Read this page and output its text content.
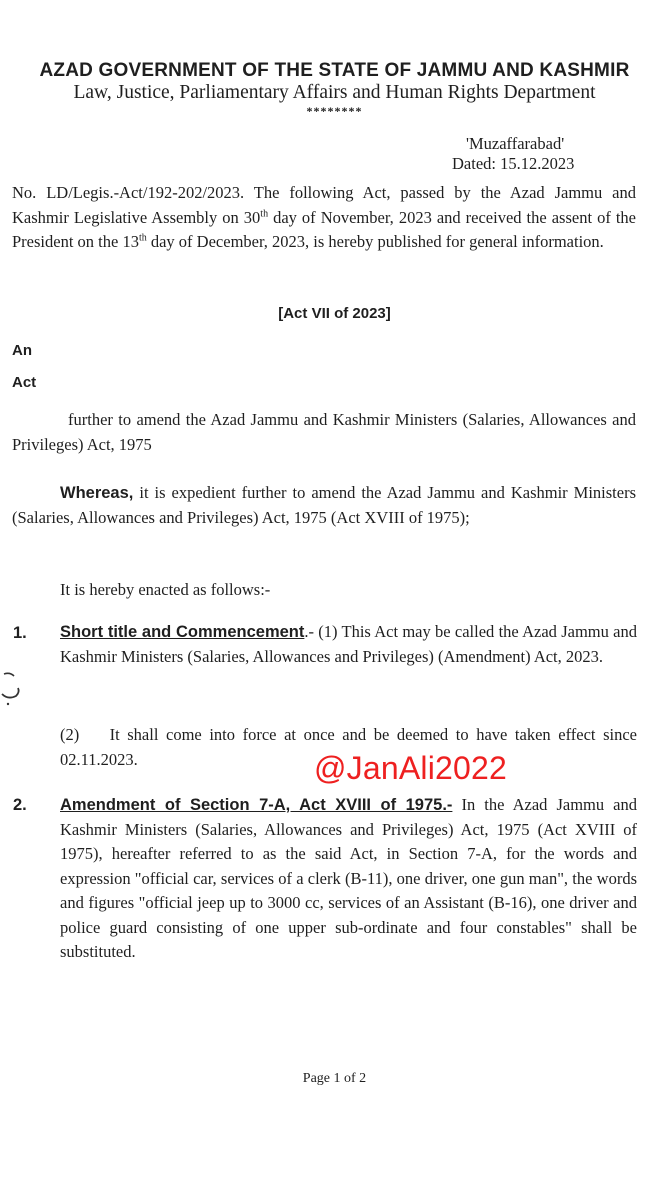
AZAD GOVERNMENT OF THE STATE OF JAMMU AND KASHMIR
Law, Justice, Parliamentary Affairs and Human Rights Department
********
'Muzaffarabad'
Dated: 15.12.2023
No. LD/Legis.-Act/192-202/2023. The following Act, passed by the Azad Jammu and Kashmir Legislative Assembly on 30th day of November, 2023 and received the assent of the President on the 13th day of December, 2023, is hereby published for general information.
[Act VII of 2023]
An
Act
further to amend the Azad Jammu and Kashmir Ministers (Salaries, Allowances and Privileges) Act, 1975
Whereas, it is expedient further to amend the Azad Jammu and Kashmir Ministers (Salaries, Allowances and Privileges) Act, 1975 (Act XVIII of 1975);
It is hereby enacted as follows:-
1. Short title and Commencement.- (1) This Act may be called the Azad Jammu and Kashmir Ministers (Salaries, Allowances and Privileges) (Amendment) Act, 2023.
(2)    It shall come into force at once and be deemed to have taken effect since 02.11.2023.
2. Amendment of Section 7-A, Act XVIII of 1975.- In the Azad Jammu and Kashmir Ministers (Salaries, Allowances and Privileges) Act, 1975 (Act XVIII of 1975), hereafter referred to as the said Act, in Section 7-A, for the words and expression "official car, services of a clerk (B-11), one driver, one gun man", the words and figures "official jeep up to 3000 cc, services of an Assistant (B-16), one driver and police guard consisting of one upper sub-ordinate and four constables" shall be substituted.
@JanAli2022
Page 1 of 2
